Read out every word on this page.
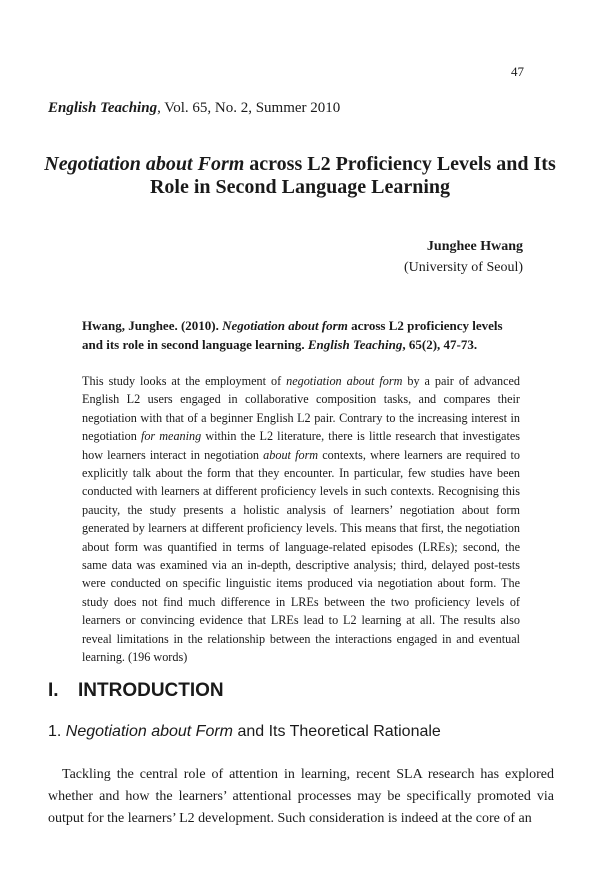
47
English Teaching, Vol. 65, No. 2, Summer 2010
Negotiation about Form across L2 Proficiency Levels and Its
Role in Second Language Learning
Junghee Hwang
(University of Seoul)
Hwang, Junghee. (2010). Negotiation about form across L2 proficiency levels and its role in second language learning. English Teaching, 65(2), 47-73.
This study looks at the employment of negotiation about form by a pair of advanced English L2 users engaged in collaborative composition tasks, and compares their negotiation with that of a beginner English L2 pair. Contrary to the increasing interest in negotiation for meaning within the L2 literature, there is little research that investigates how learners interact in negotiation about form contexts, where learners are required to explicitly talk about the form that they encounter. In particular, few studies have been conducted with learners at different proficiency levels in such contexts. Recognising this paucity, the study presents a holistic analysis of learners’ negotiation about form generated by learners at different proficiency levels. This means that first, the negotiation about form was quantified in terms of language-related episodes (LREs); second, the same data was examined via an in-depth, descriptive analysis; third, delayed post-tests were conducted on specific linguistic items produced via negotiation about form. The study does not find much difference in LREs between the two proficiency levels of learners or convincing evidence that LREs lead to L2 learning at all. The results also reveal limitations in the relationship between the interactions engaged in and eventual learning. (196 words)
I. INTRODUCTION
1. Negotiation about Form and Its Theoretical Rationale
Tackling the central role of attention in learning, recent SLA research has explored whether and how the learners’ attentional processes may be specifically promoted via output for the learners’ L2 development. Such consideration is indeed at the core of an
